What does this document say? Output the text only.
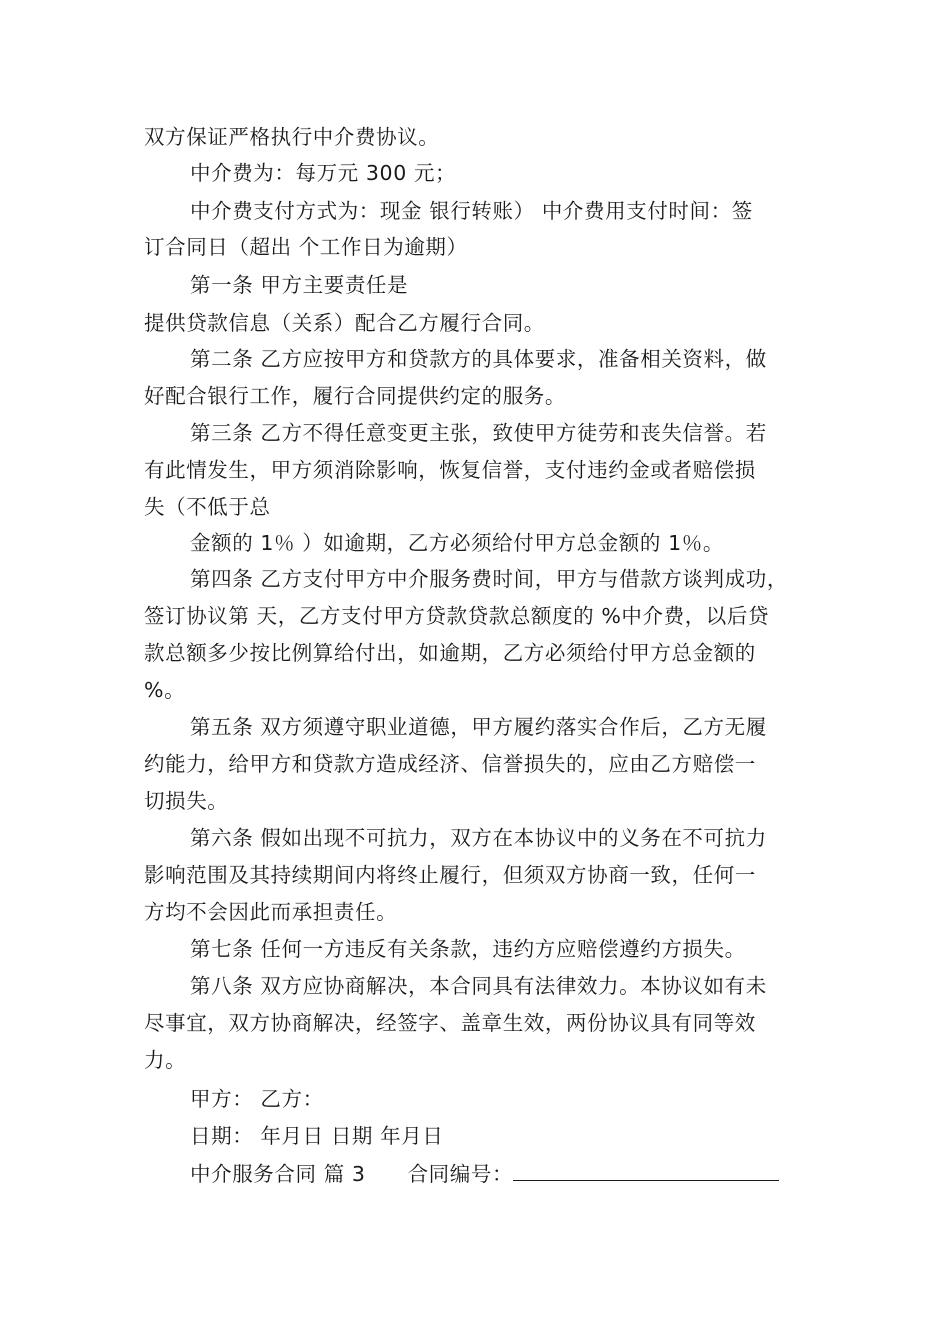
双方保证严格执行中介费协议。
中介费为：每万元 300 元；
中介费支付方式为：现金 银行转账） 中介费用支付时间：签
订合同日（超出 个工作日为逾期）
第一条 甲方主要责任是
提供贷款信息（关系）配合乙方履行合同。
第二条 乙方应按甲方和贷款方的具体要求，准备相关资料，做
好配合银行工作，履行合同提供约定的服务。
第三条 乙方不得任意变更主张，致使甲方徒劳和丧失信誉。若
有此情发生，甲方须消除影响，恢复信誉，支付违约金或者赔偿损
失（不低于总
金额的 1％ ）如逾期，乙方必须给付甲方总金额的 1％。
第四条 乙方支付甲方中介服务费时间，甲方与借款方谈判成功，
签订协议第 天，乙方支付甲方贷款贷款总额度的 %中介费，以后贷
款总额多少按比例算给付出，如逾期，乙方必须给付甲方总金额的
%。
第五条 双方须遵守职业道德，甲方履约落实合作后，乙方无履
约能力，给甲方和贷款方造成经济、信誉损失的，应由乙方赔偿一
切损失。
第六条 假如出现不可抗力，双方在本协议中的义务在不可抗力
影响范围及其持续期间内将终止履行，但须双方协商一致，任何一
方均不会因此而承担责任。
第七条 任何一方违反有关条款，违约方应赔偿遵约方损失。
第八条 双方应协商解决，本合同具有法律效力。本协议如有未
尽事宜，双方协商解决，经签字、盖章生效，两份协议具有同等效
力。
甲方： 乙方：
日期： 年月日 日期 年月日
中介服务合同 篇 3 合同编号：
